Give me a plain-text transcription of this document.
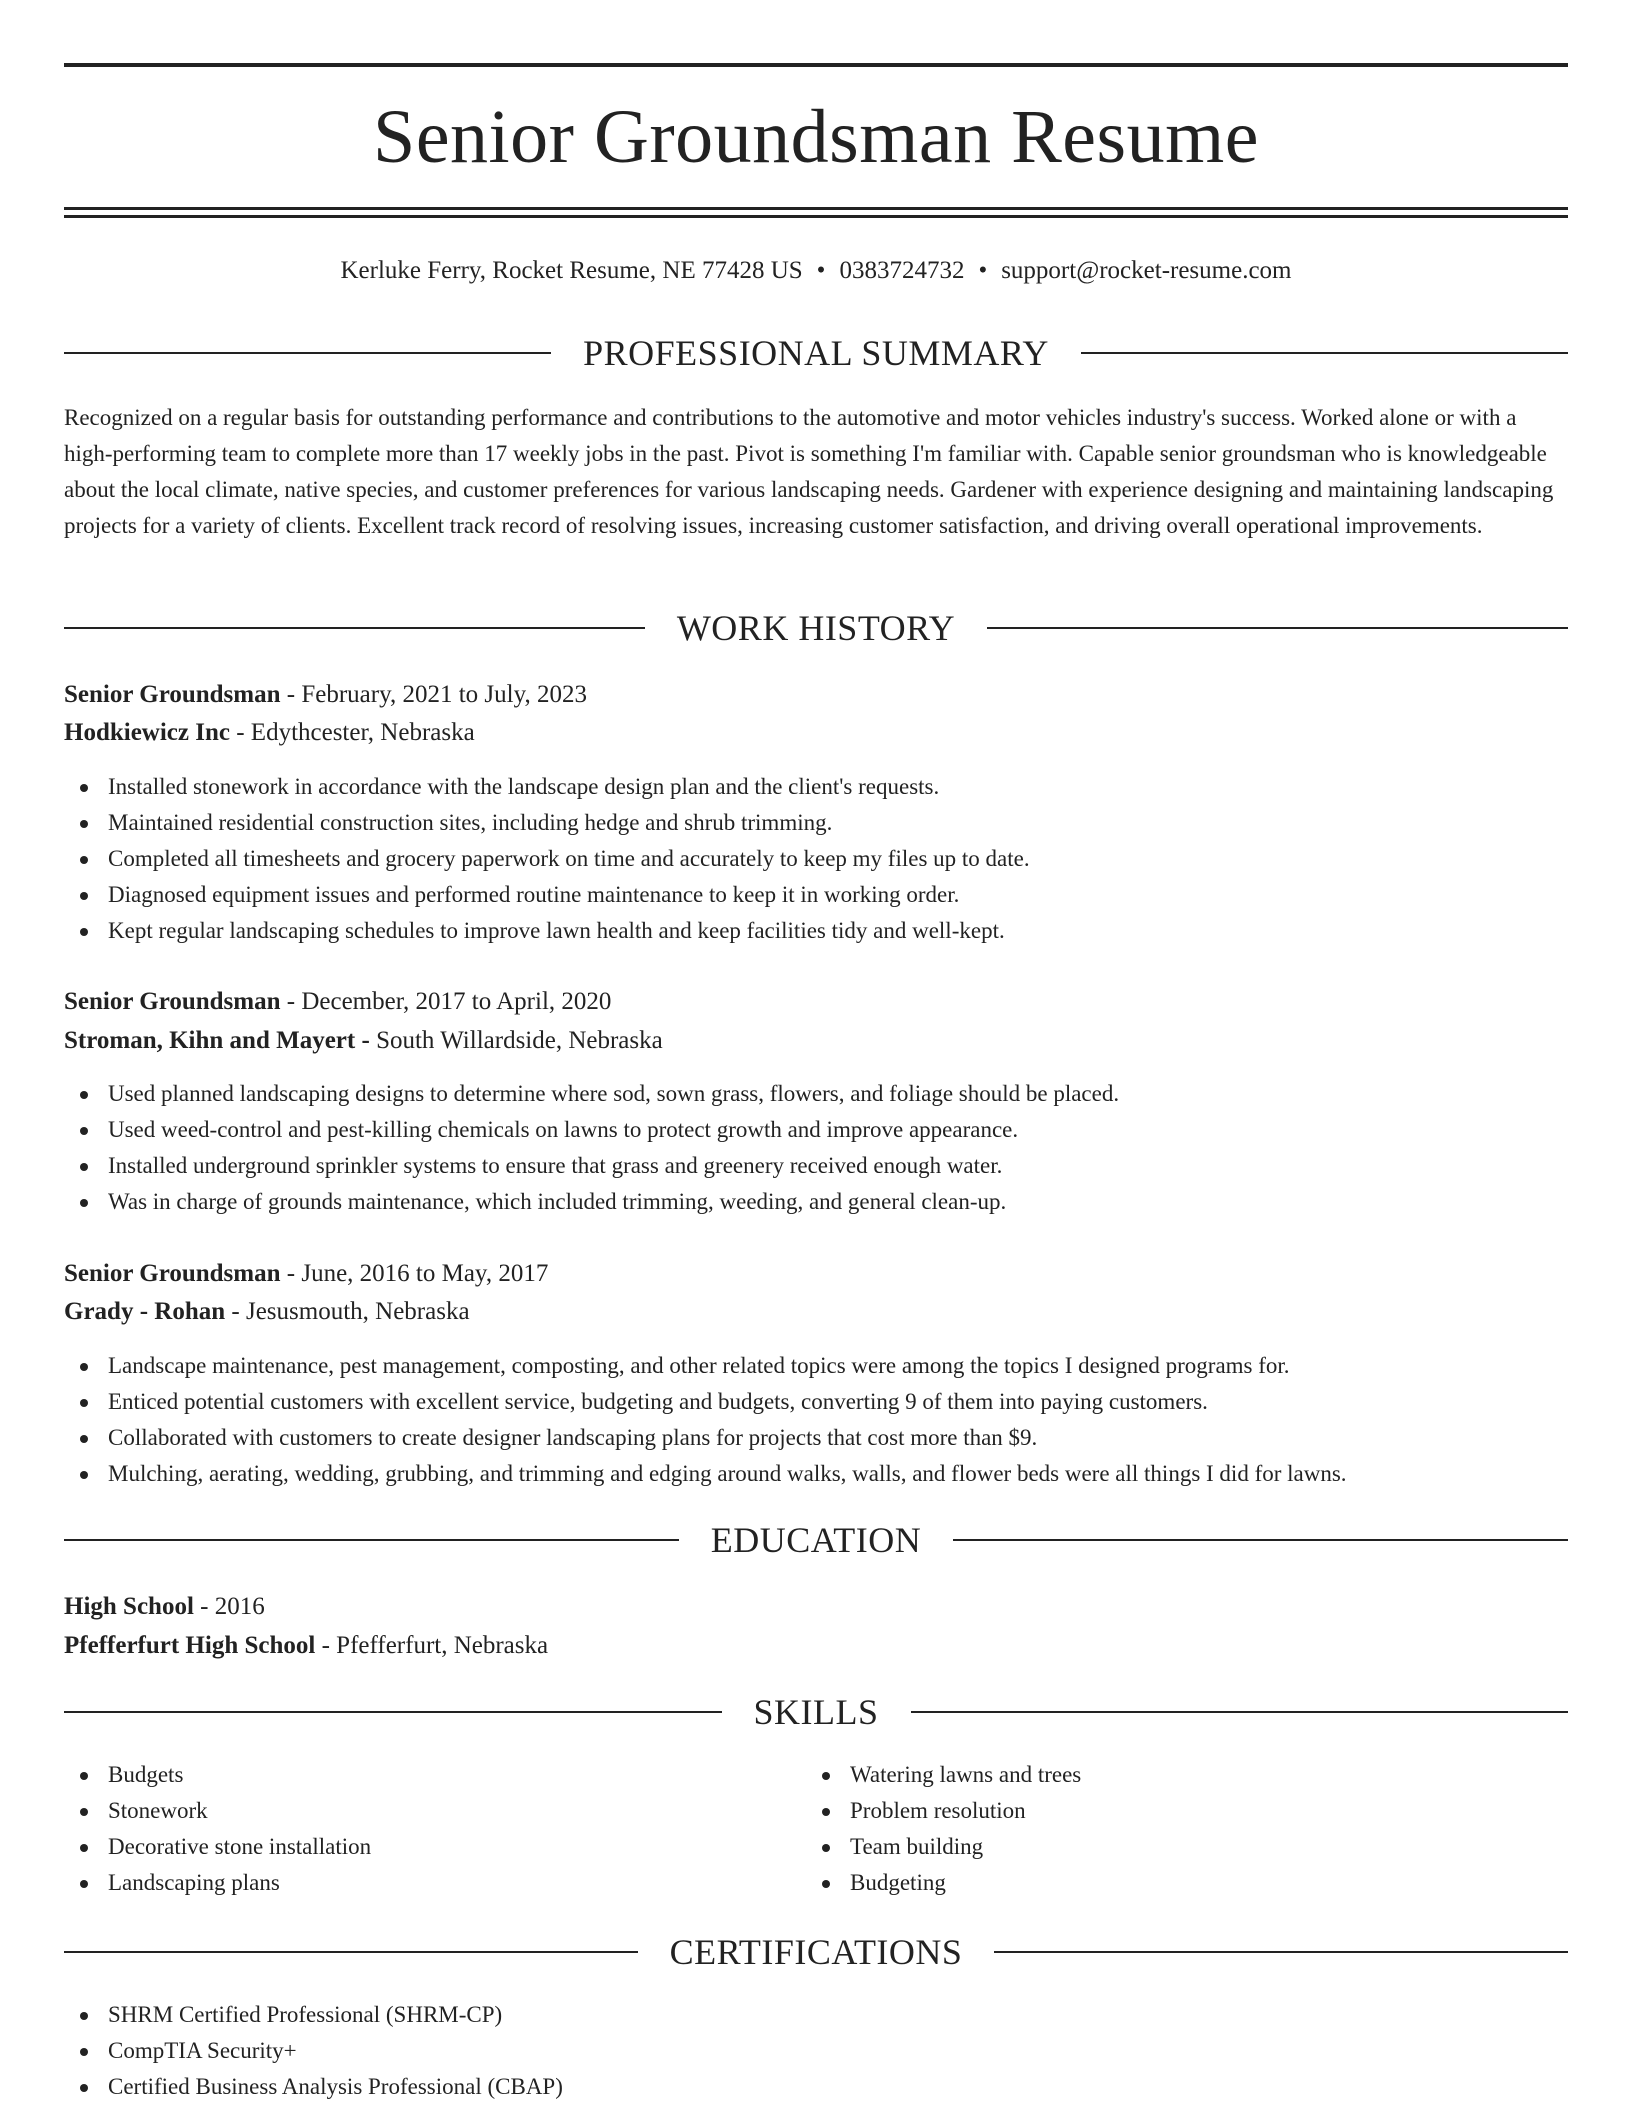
Senior Groundsman Resume
Kerluke Ferry, Rocket Resume, NE 77428 US • 0383724732 • support@rocket-resume.com
PROFESSIONAL SUMMARY

Recognized on a regular basis for outstanding performance and contributions to the automotive and motor vehicles industry's success. Worked alone or with a high-performing team to complete more than 17 weekly jobs in the past. Pivot is something I'm familiar with. Capable senior groundsman who is knowledgeable about the local climate, native species, and customer preferences for various landscaping needs. Gardener with experience designing and maintaining landscaping projects for a variety of clients. Excellent track record of resolving issues, increasing customer satisfaction, and driving overall operational improvements.

WORK HISTORY
Senior Groundsman - February, 2021 to July, 2023
Hodkiewicz Inc - Edythcester, Nebraska
Installed stonework in accordance with the landscape design plan and the client's requests.
Maintained residential construction sites, including hedge and shrub trimming.
Completed all timesheets and grocery paperwork on time and accurately to keep my files up to date.
Diagnosed equipment issues and performed routine maintenance to keep it in working order.
Kept regular landscaping schedules to improve lawn health and keep facilities tidy and well-kept.
Senior Groundsman - December, 2017 to April, 2020
Stroman, Kihn and Mayert - South Willardside, Nebraska
Used planned landscaping designs to determine where sod, sown grass, flowers, and foliage should be placed.
Used weed-control and pest-killing chemicals on lawns to protect growth and improve appearance.
Installed underground sprinkler systems to ensure that grass and greenery received enough water.
Was in charge of grounds maintenance, which included trimming, weeding, and general clean-up.
Senior Groundsman - June, 2016 to May, 2017
Grady - Rohan - Jesusmouth, Nebraska
Landscape maintenance, pest management, composting, and other related topics were among the topics I designed programs for.
Enticed potential customers with excellent service, budgeting and budgets, converting 9 of them into paying customers.
Collaborated with customers to create designer landscaping plans for projects that cost more than $9.
Mulching, aerating, wedding, grubbing, and trimming and edging around walks, walls, and flower beds were all things I did for lawns.
EDUCATION
High School - 2016
Pfefferfurt High School - Pfefferfurt, Nebraska
SKILLS
Budgets
Stonework
Decorative stone installation
Landscaping plans
Watering lawns and trees
Problem resolution
Team building
Budgeting
CERTIFICATIONS
SHRM Certified Professional (SHRM-CP)
CompTIA Security+
Certified Business Analysis Professional (CBAP)
